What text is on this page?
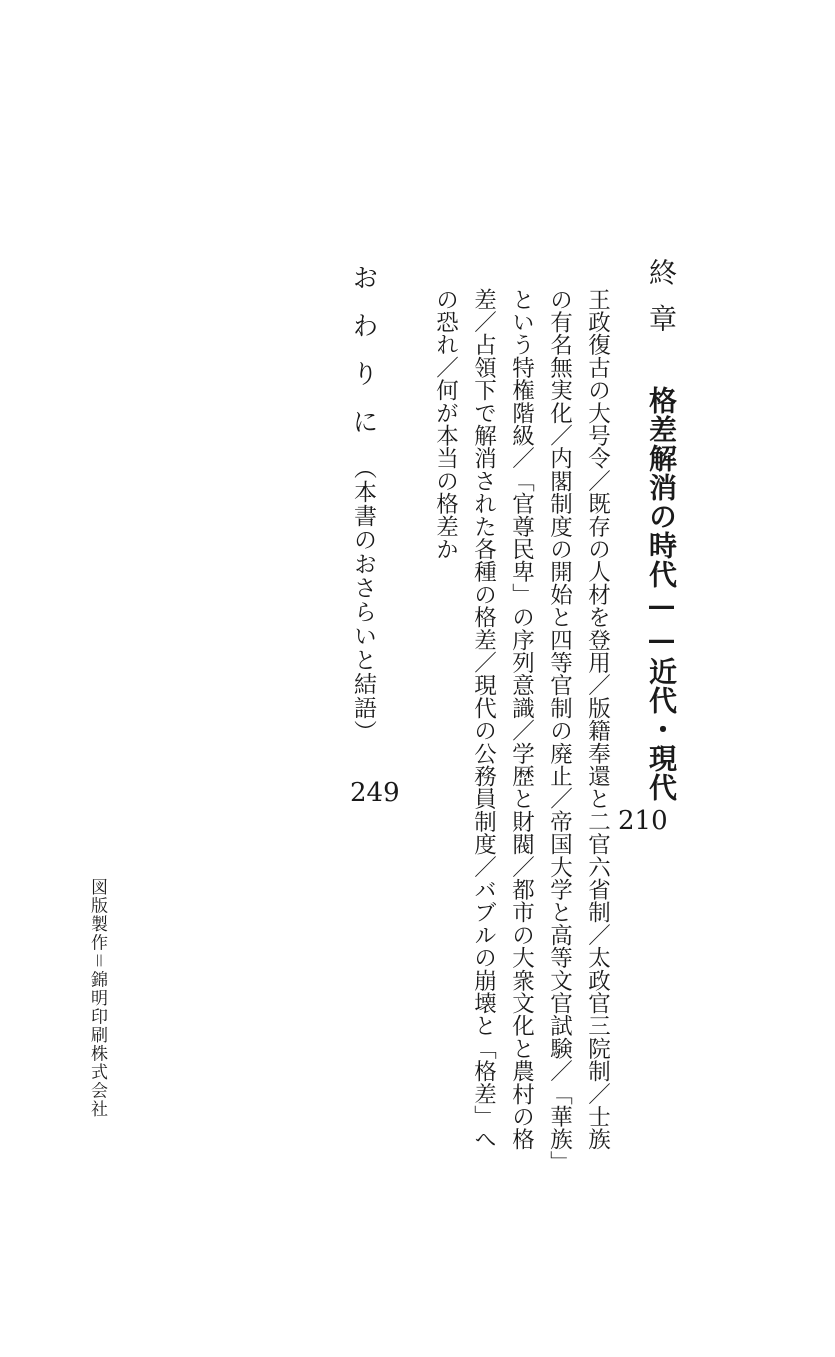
終章格差解消の時代——近代・現代
210
王政復古の大号令／既存の人材を登用／版籍奉還と二官六省制／太政官三院制／士族
の有名無実化／内閣制度の開始と四等官制の廃止／帝国大学と高等文官試験／「華族」
という特権階級／「官尊民卑」の序列意識／学歴と財閥／都市の大衆文化と農村の格
差／占領下で解消された各種の格差／現代の公務員制度／バブルの崩壊と「格差」へ
の恐れ／何が本当の格差か
おわりに（本書のおさらいと結語）
249
図版製作＝錦明印刷株式会社
